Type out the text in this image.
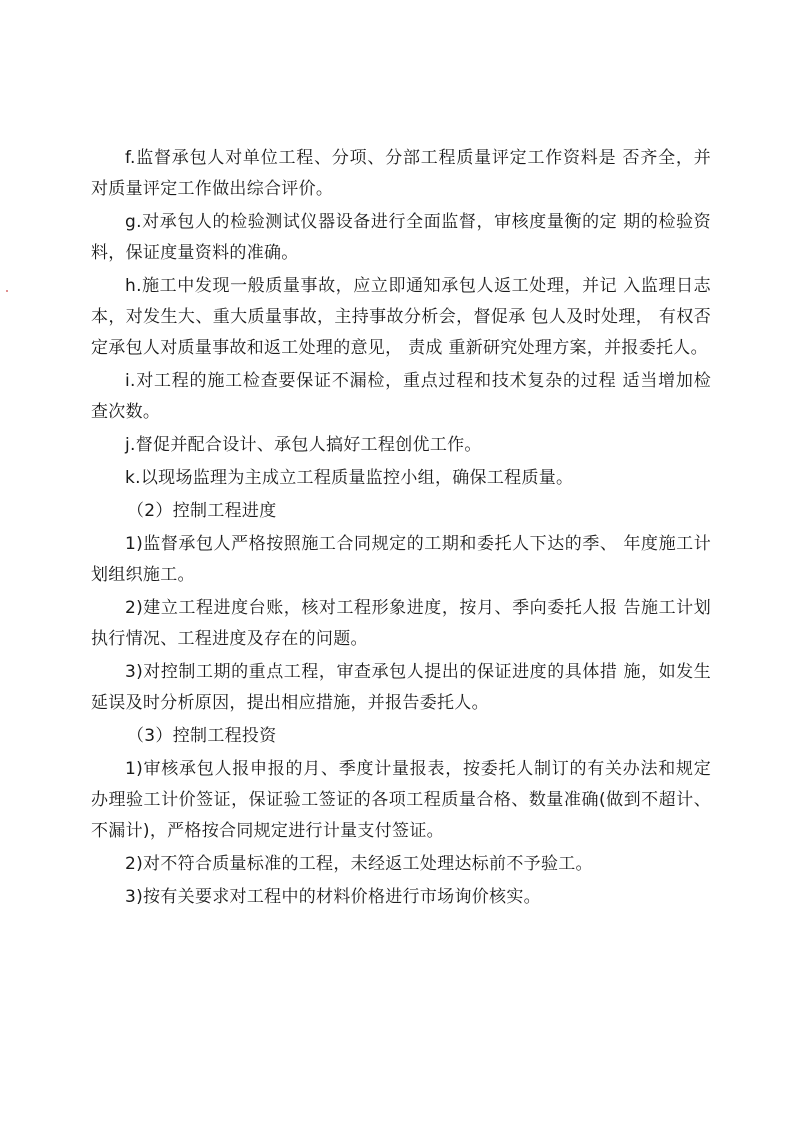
f.监督承包人对单位工程、分项、分部工程质量评定工作资料是 否齐全，并对质量评定工作做出综合评价。

g.对承包人的检验测试仪器设备进行全面监督，审核度量衡的定 期的检验资料，保证度量资料的准确。

h.施工中发现一般质量事故，应立即通知承包人返工处理，并记 入监理日志本，对发生大、重大质量事故，主持事故分析会，督促承 包人及时处理， 有权否定承包人对质量事故和返工处理的意见， 责成 重新研究处理方案，并报委托人。

i.对工程的施工检查要保证不漏检，重点过程和技术复杂的过程 适当增加检查次数。

j.督促并配合设计、承包人搞好工程创优工作。

k.以现场监理为主成立工程质量监控小组，确保工程质量。

（2）控制工程进度

1)监督承包人严格按照施工合同规定的工期和委托人下达的季、 年度施工计划组织施工。

2)建立工程进度台账，核对工程形象进度，按月、季向委托人报 告施工计划执行情况、工程进度及存在的问题。

3)对控制工期的重点工程，审查承包人提出的保证进度的具体措 施，如发生延误及时分析原因，提出相应措施，并报告委托人。

（3）控制工程投资

1)审核承包人报申报的月、季度计量报表，按委托人制订的有关办法和规定办理验工计价签证，保证验工签证的各项工程质量合格、数量准确(做到不超计、不漏计)，严格按合同规定进行计量支付签证。

2)对不符合质量标准的工程，未经返工处理达标前不予验工。

3)按有关要求对工程中的材料价格进行市场询价核实。
